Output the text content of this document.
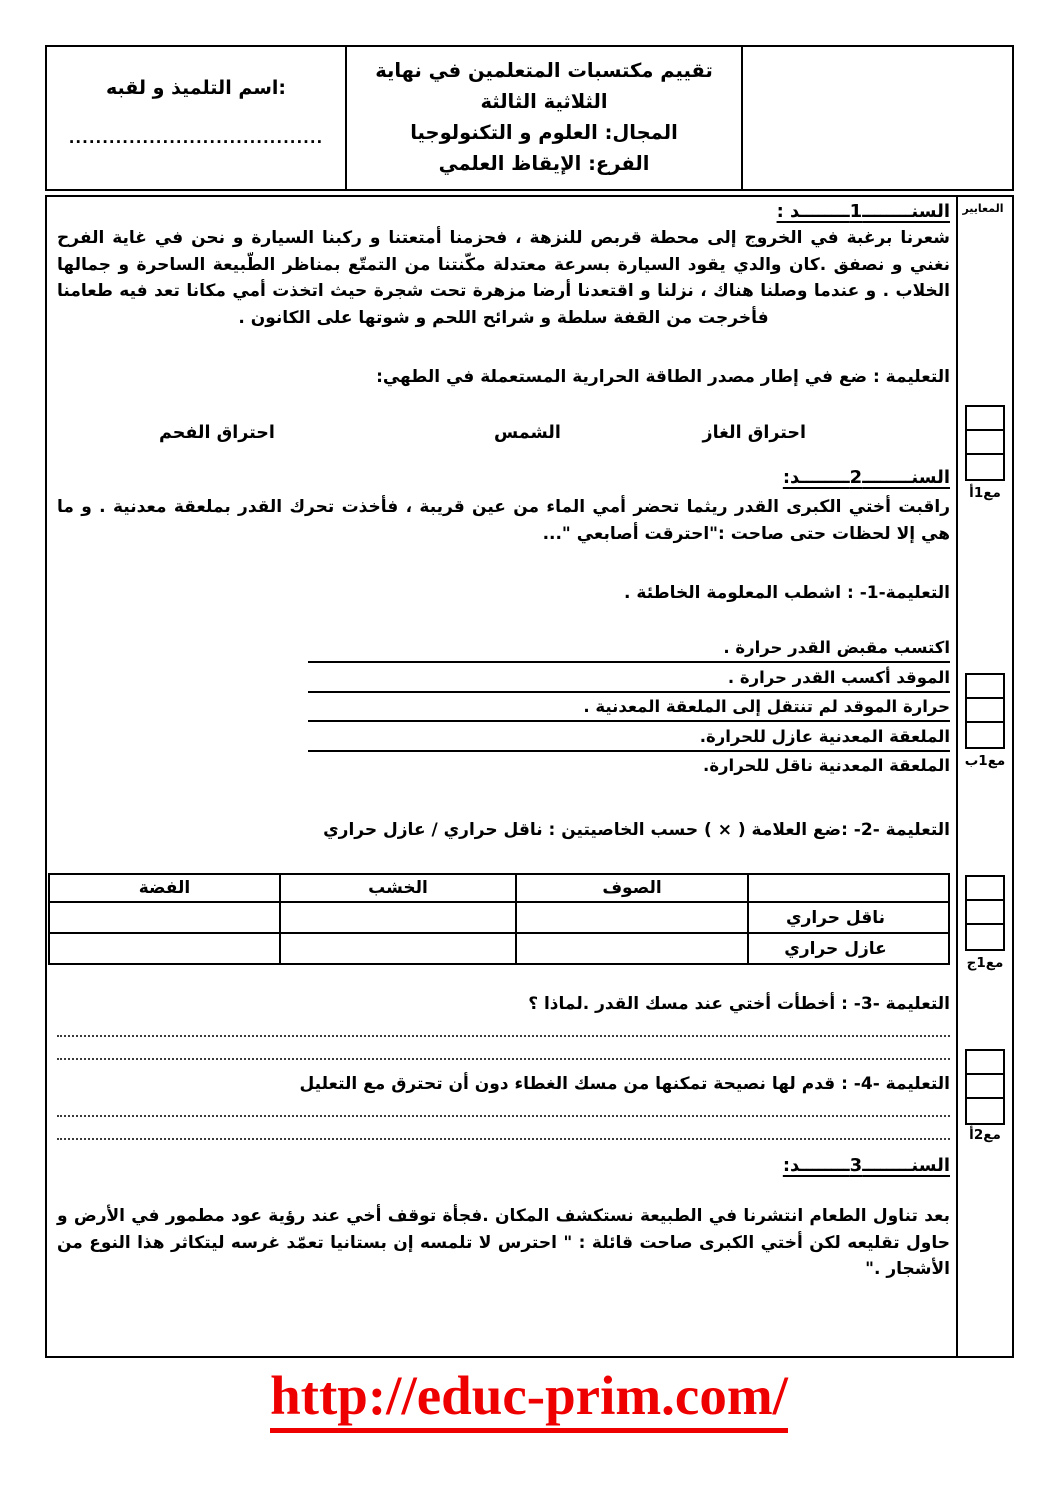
اسم التلميذ و لقبه:
......................................
تقييم مكتسبات المتعلمين في نهاية الثلاثية الثالثة
المجال: العلوم و التكنولوجيا
الفرع: الإيقاظ العلمي
المعايير
مع1أ
مع1ب
مع1ج
مع2أ
السنــــــــ1ــــــــد :
شعرنا برغبة في الخروج إلى محطة قربص للنزهة ، فحزمنا أمتعتنا و ركبنا السيارة و نحن في غاية الفرح نغني و نصفق .كان والدي يقود السيارة بسرعة معتدلة مكّنتنا من التمتّع بمناظر الطّبيعة الساحرة و جمالها الخلاب . و عندما وصلنا هناك ، نزلنا و اقتعدنا أرضا مزهرة تحت شجرة حيث اتخذت أمي مكانا تعد فيه طعامنا فأخرجت من القفة سلطة و شرائح اللحم و شوتها على الكانون .
التعليمة : ضع في إطار مصدر الطاقة الحرارية المستعملة في الطهي:
احتراق الغاز
الشمس
احتراق الفحم
السنــــــــ2ــــــــد:
راقبت أختي الكبرى القدر ريثما تحضر أمي الماء من عين قريبة ، فأخذت تحرك القدر بملعقة معدنية . و ما هي إلا لحظات حتى صاحت :"احترقت أصابعي "...
التعليمة-1- : اشطب المعلومة الخاطئة .
اكتسب مقبض القدر حرارة .
الموقد أكسب القدر حرارة .
حرارة الموقد لم تنتقل إلى الملعقة المعدنية .
الملعقة المعدنية عازل للحرارة.
الملعقة المعدنية ناقل للحرارة.
التعليمة -2- :ضع العلامة ( × ) حسب الخاصيتين : ناقل حراري / عازل حراري
	الصوف	الخشب	الفضة
ناقل حراري			
عازل حراري			
التعليمة -3- : أخطأت أختي عند مسك القدر .لماذا ؟
التعليمة -4- : قدم لها نصيحة تمكنها من مسك الغطاء دون أن تحترق مع التعليل
السنــــــــ3ــــــــد:
بعد تناول الطعام انتشرنا في الطبيعة نستكشف المكان .فجأة توقف أخي عند رؤية عود مطمور في الأرض و حاول تقليعه لكن أختي الكبرى صاحت قائلة : " احترس لا تلمسه إن بستانيا تعمّد غرسه ليتكاثر هذا النوع من الأشجار ."
http://educ-prim.com/
